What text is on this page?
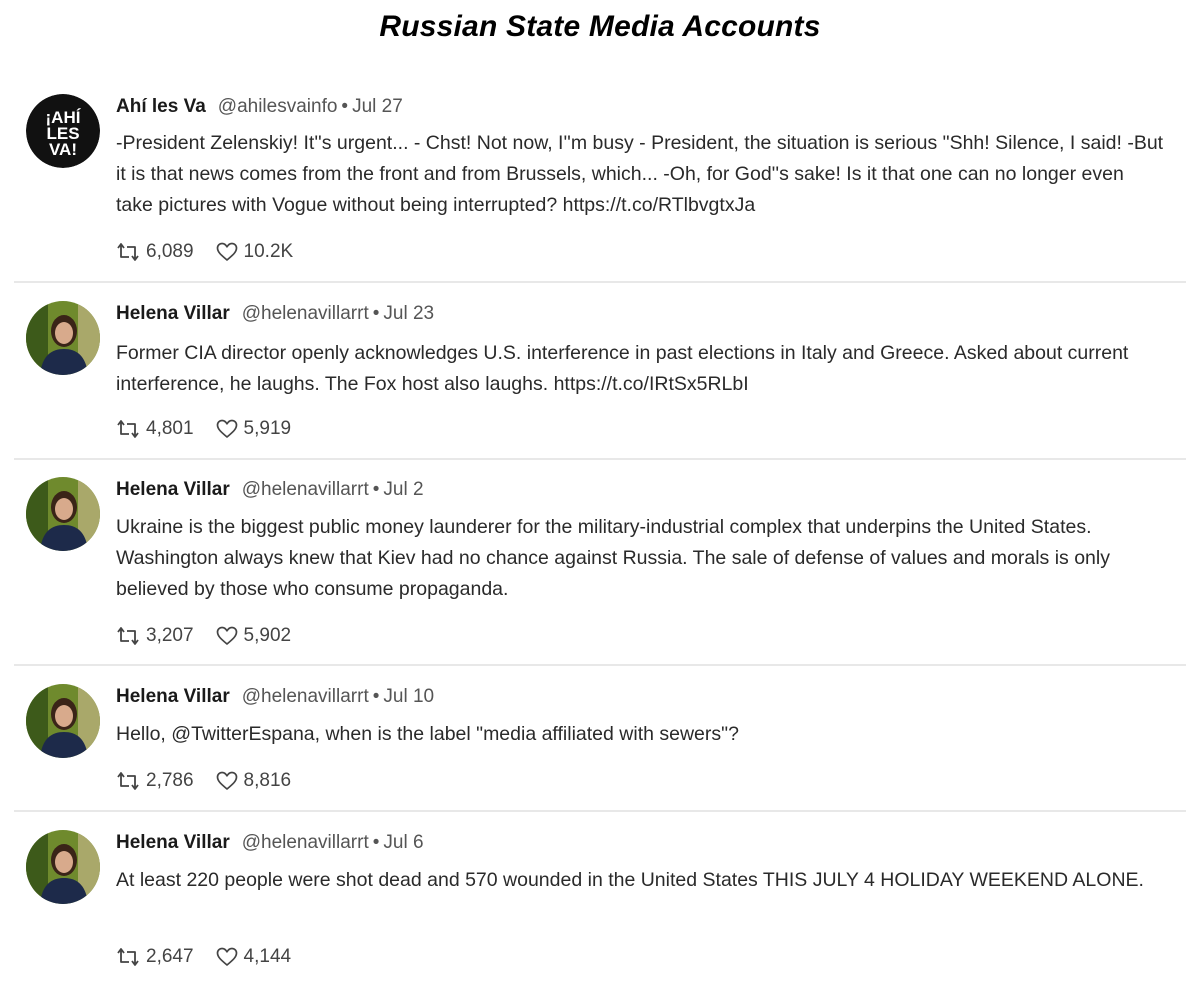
Russian State Media Accounts
¡AHÍ
LES
VA!
Ahí les Va @ahilesvainfo • Jul 27
-President Zelenskiy! It''s urgent... - Chst! Not now, I''m busy - President, the situation is serious "Shh! Silence, I said! -But it is that news comes from the front and from Brussels, which... -Oh, for God''s sake! Is it that one can no longer even take pictures with Vogue without being interrupted? https://t.co/RTlbvgtxJa
6,089	10.2K
Helena Villar @helenavillarrt • Jul 23
Former CIA director openly acknowledges U.S. interference in past elections in Italy and Greece. Asked about current interference, he laughs. The Fox host also laughs. https://t.co/IRtSx5RLbI
4,801	5,919
Helena Villar @helenavillarrt • Jul 2
Ukraine is the biggest public money launderer for the military-industrial complex that underpins the United States. Washington always knew that Kiev had no chance against Russia. The sale of defense of values and morals is only believed by those who consume propaganda.
3,207	5,902
Helena Villar @helenavillarrt • Jul 10
Hello, @TwitterEspana, when is the label "media affiliated with sewers"?
2,786	8,816
Helena Villar @helenavillarrt • Jul 6
At least 220 people were shot dead and 570 wounded in the United States THIS JULY 4 HOLIDAY WEEKEND ALONE.
2,647	4,144
